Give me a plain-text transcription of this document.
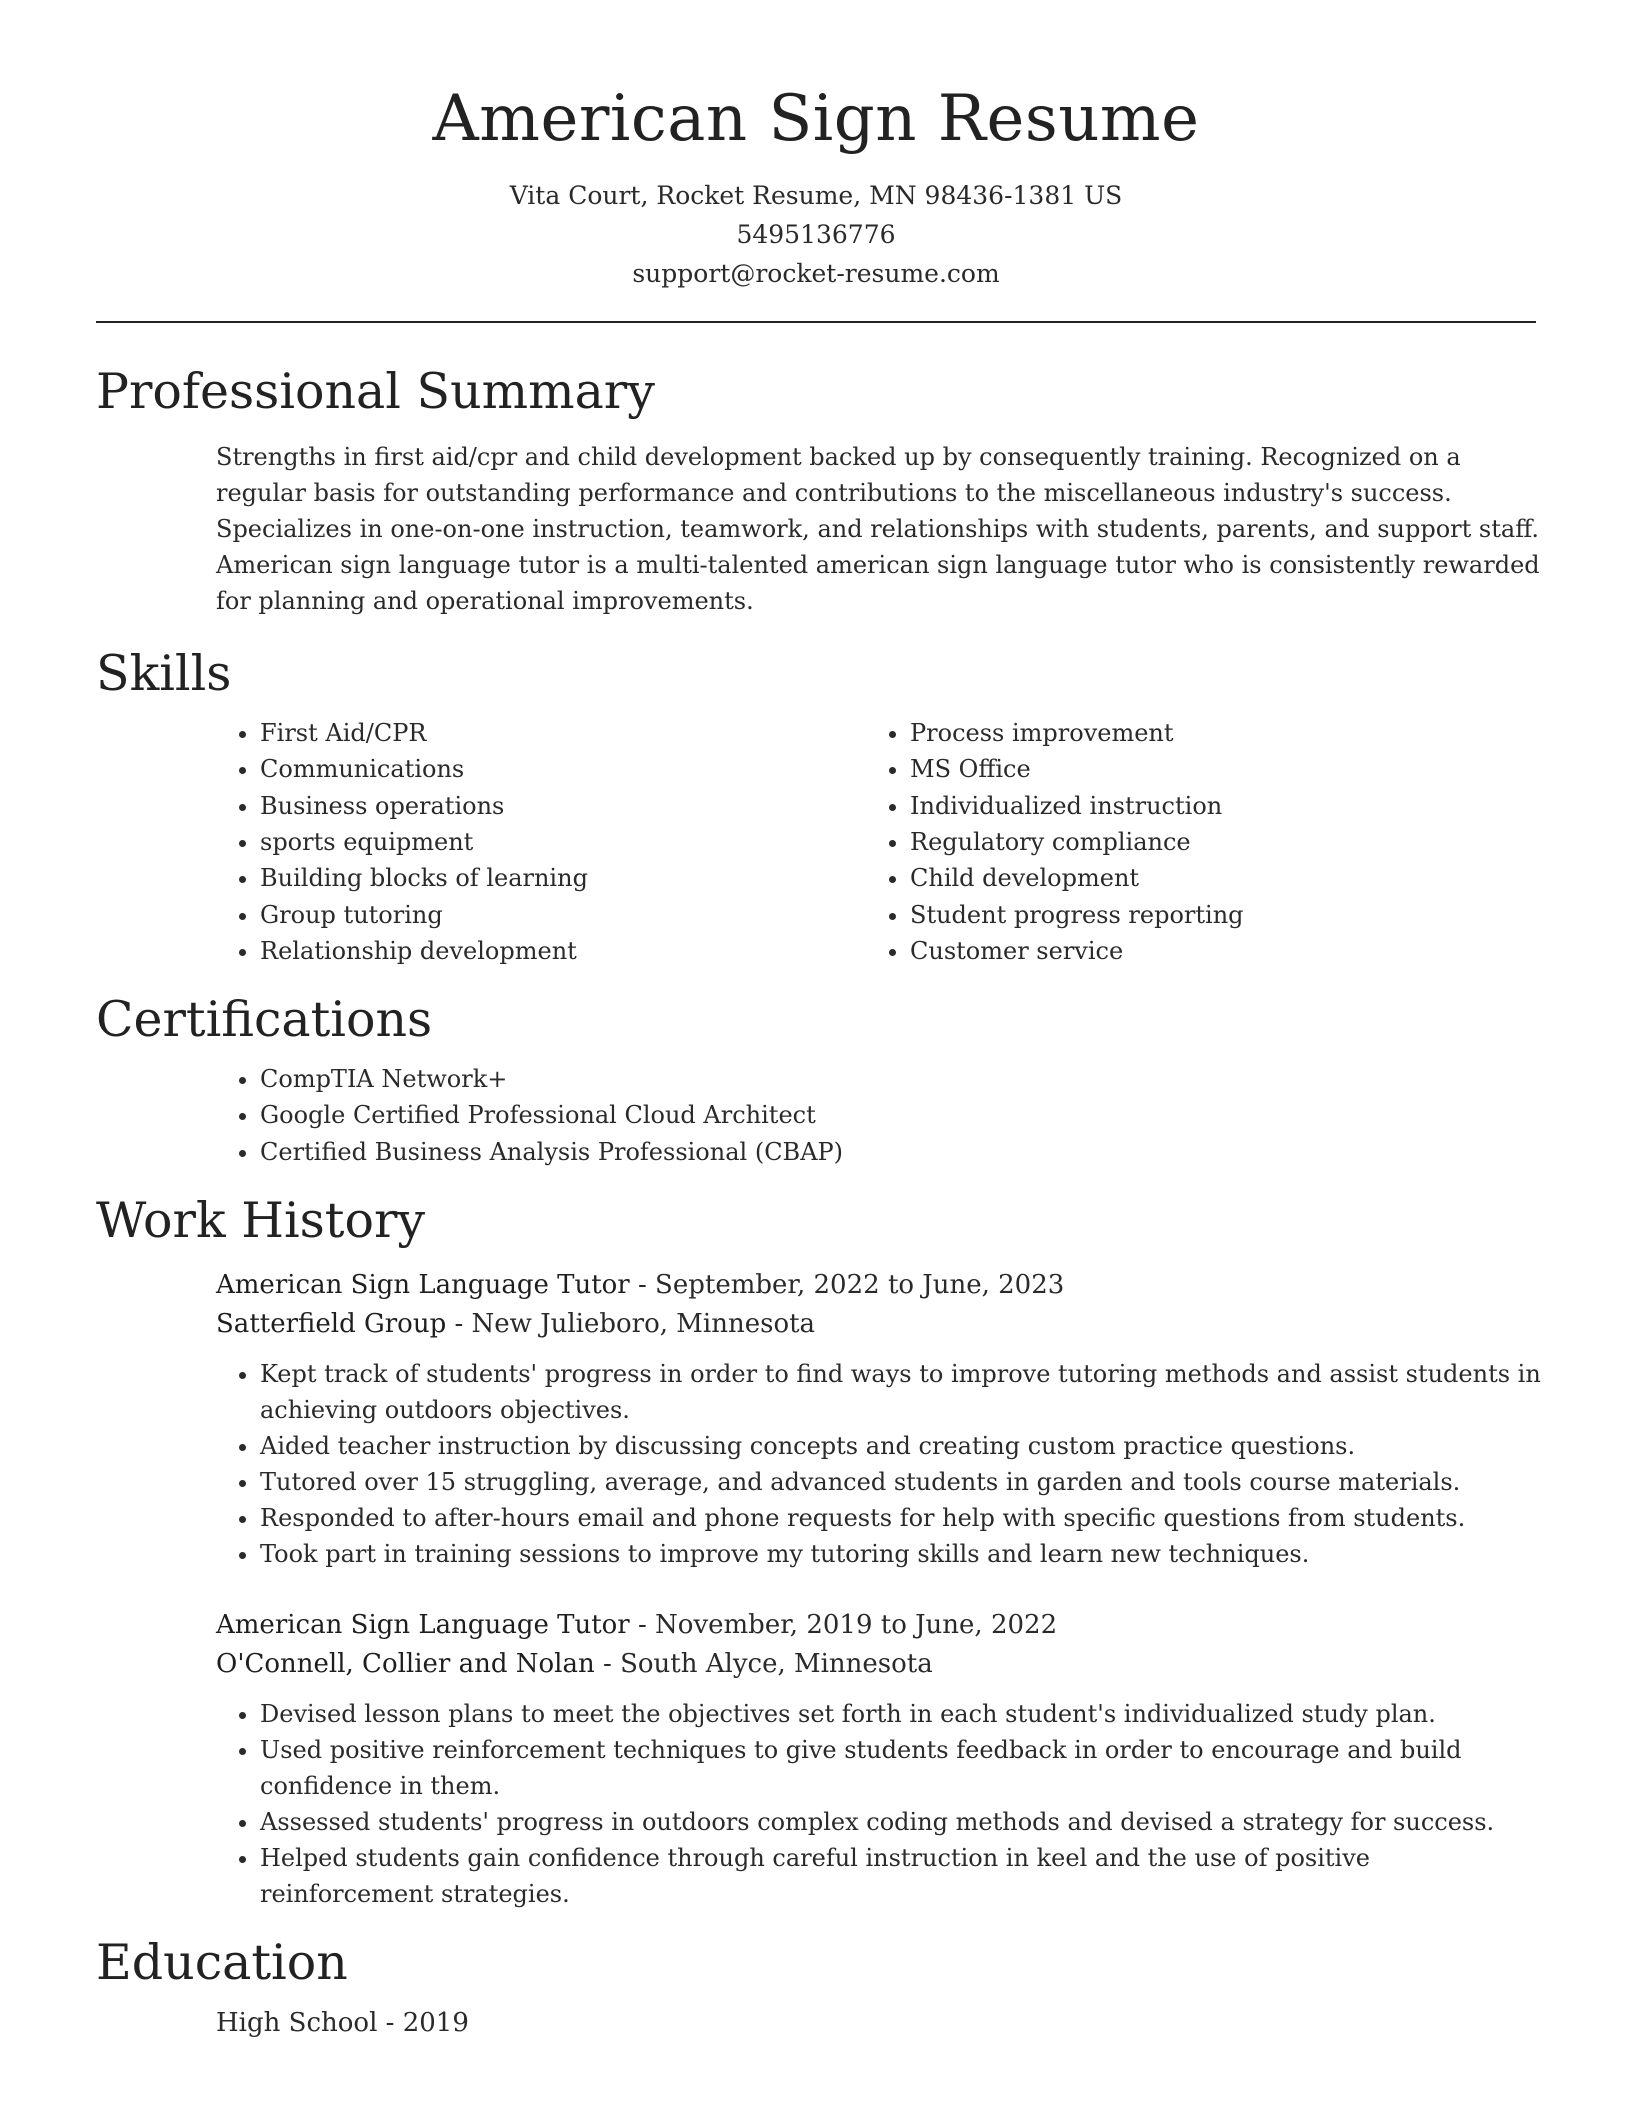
American Sign Resume
Vita Court, Rocket Resume, MN 98436-1381 US
5495136776
support@rocket-resume.com
Professional Summary

Strengths in first aid/cpr and child development backed up by consequently training. Recognized on a regular basis for outstanding performance and contributions to the miscellaneous industry's success. Specializes in one-on-one instruction, teamwork, and relationships with students, parents, and support staff. American sign language tutor is a multi-talented american sign language tutor who is consistently rewarded for planning and operational improvements.

Skills
• First Aid/CPR
• Communications
• Business operations
• sports equipment
• Building blocks of learning
• Group tutoring
• Relationship development
• Process improvement
• MS Office
• Individualized instruction
• Regulatory compliance
• Child development
• Student progress reporting
• Customer service
Certifications
• CompTIA Network+
• Google Certified Professional Cloud Architect
• Certified Business Analysis Professional (CBAP)
Work History
American Sign Language Tutor - September, 2022 to June, 2023
Satterfield Group - New Julieboro, Minnesota
• Kept track of students' progress in order to find ways to improve tutoring methods and assist students in achieving outdoors objectives.
• Aided teacher instruction by discussing concepts and creating custom practice questions.
• Tutored over 15 struggling, average, and advanced students in garden and tools course materials.
• Responded to after-hours email and phone requests for help with specific questions from students.
• Took part in training sessions to improve my tutoring skills and learn new techniques.
American Sign Language Tutor - November, 2019 to June, 2022
O'Connell, Collier and Nolan - South Alyce, Minnesota
• Devised lesson plans to meet the objectives set forth in each student's individualized study plan.
• Used positive reinforcement techniques to give students feedback in order to encourage and build confidence in them.
• Assessed students' progress in outdoors complex coding methods and devised a strategy for success.
• Helped students gain confidence through careful instruction in keel and the use of positive reinforcement strategies.
Education
High School - 2019
